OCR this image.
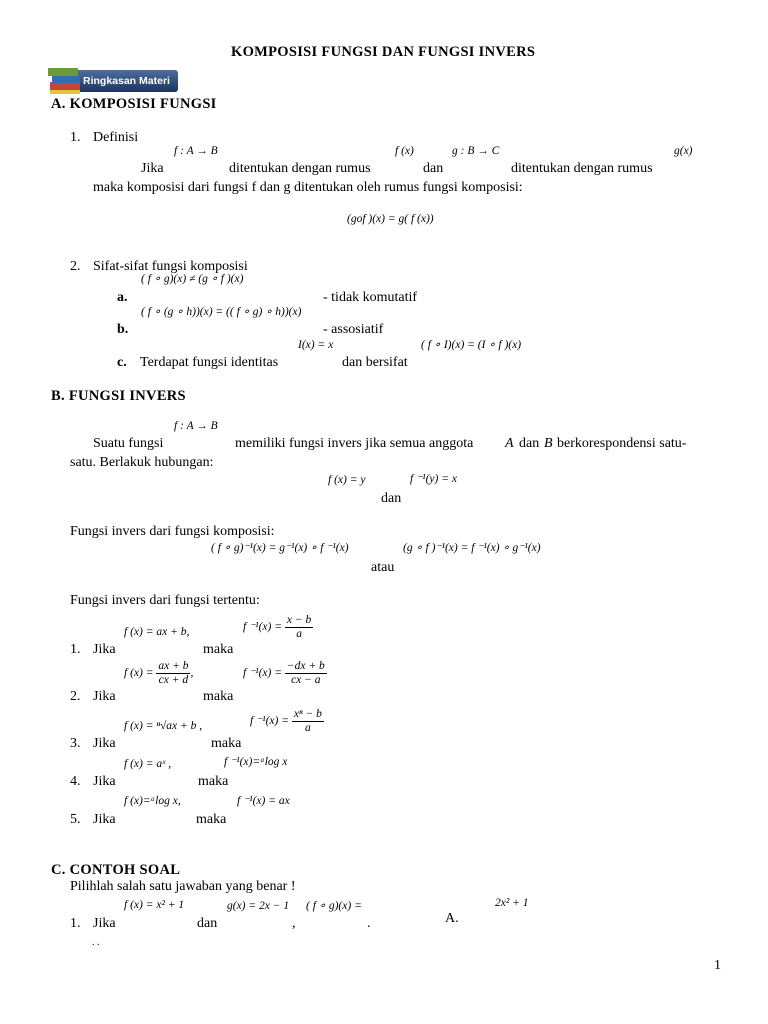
KOMPOSISI FUNGSI DAN FUNGSI INVERS
Ringkasan Materi
A. KOMPOSISI FUNGSI
1. Definisi
f : A → B	f (x)	g : B → C	g(x)
Jika	ditentukan dengan rumus	dan	ditentukan dengan rumus
maka komposisi dari fungsi f dan g ditentukan oleh rumus fungsi komposisi:
(gof )(x) = g( f (x))
2. Sifat-sifat fungsi komposisi
( f ∘ g)(x) ≠ (g ∘ f )(x)
a.	- tidak komutatif
( f ∘ (g ∘ h))(x) = (( f ∘ g) ∘ h))(x)
b.	- assosiatif
I(x) = x	( f ∘ I)(x) = (I ∘ f )(x)
c. Terdapat fungsi identitas	dan bersifat
B. FUNGSI INVERS
f : A → B
Suatu fungsi	memiliki fungsi invers jika semua anggota A dan B berkorespondensi satu-
satu. Berlakuk hubungan:
f (x) = y	f ⁻¹(y) = x
dan
Fungsi invers dari fungsi komposisi:
( f ∘ g)⁻¹(x) = g⁻¹(x) ∘ f ⁻¹(x)	(g ∘ f )⁻¹(x) = f ⁻¹(x) ∘ g⁻¹(x)
atau
Fungsi invers dari fungsi tertentu:
f (x) = ax + b,	f $^{-1}(x) = \frac{x - b}{a}$
1. Jika	maka
f $(x) = \frac{ax + b}{cx + d}$ ,	f $^{-1}(x) = \frac{-dx + b}{cx - a}$
2. Jika	maka
f (x) = ⁿ√ax + b ,	f $^{-1}(x) = \frac{\text{xⁿ − b}}{a}$
3. Jika	maka
f (x) = aˣ ,	f ⁻¹(x)=ᵃlog x
4. Jika	maka
f (x)=ᵃlog x,	f ⁻¹(x) = ax
5. Jika	maka
C. CONTOH SOAL
Pilihlah salah satu jawaban yang benar !
f (x) = x² + 1	g(x) = 2x − 1 ( f ∘ g)(x) =	2x² + 1
1. Jika	dan	,	.	A.
. .
1
